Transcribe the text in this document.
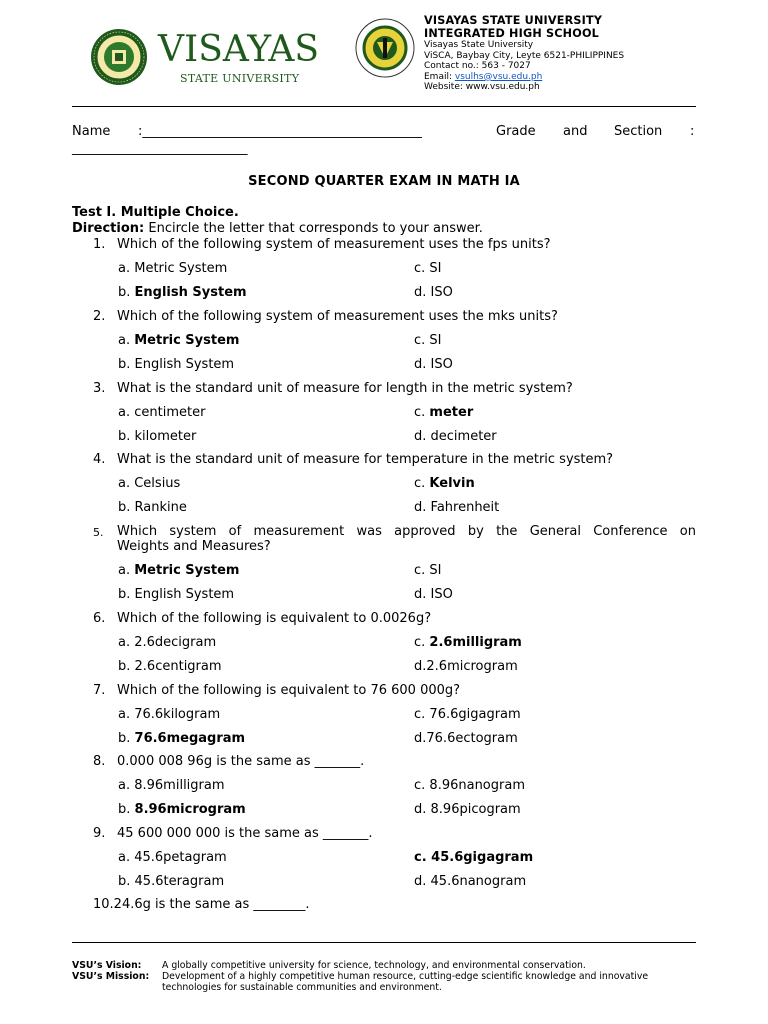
VISAYAS
STATE UNIVERSITY
VISAYAS STATE UNIVERSITY
INTEGRATED HIGH SCHOOL
Visayas State University
ViSCA, Baybay City, Leyte 6521-PHILIPPINES
Contact no.: 563 - 7027
Email: vsulhs@vsu.edu.ph
Website: www.vsu.edu.ph
Name :___________________________________________	Grade and Section :
___________________________
SECOND QUARTER EXAM IN MATH IA
Test I. Multiple Choice.
Direction: Encircle the letter that corresponds to your answer.
1. Which of the following system of measurement uses the fps units?
a. Metric System	c. SI
b. English System	d. ISO
2. Which of the following system of measurement uses the mks units?
a. Metric System	c. SI
b. English System	d. ISO
3. What is the standard unit of measure for length in the metric system?
a. centimeter	c. meter
b. kilometer	d. decimeter
4. What is the standard unit of measure for temperature in the metric system?
a. Celsius	c. Kelvin
b. Rankine	d. Fahrenheit
5. Which system of measurement was approved by the General Conference on
Weights and Measures?
a. Metric System	c. SI
b. English System	d. ISO
6. Which of the following is equivalent to 0.0026g?
a. 2.6decigram	c. 2.6milligram
b. 2.6centigram	d.2.6microgram
7. Which of the following is equivalent to 76 600 000g?
a. 76.6kilogram	c. 76.6gigagram
b. 76.6megagram	d.76.6ectogram
8. 0.000 008 96g is the same as _______.
a. 8.96milligram	c. 8.96nanogram
b. 8.96microgram	d. 8.96picogram
9. 45 600 000 000 is the same as _______.
a. 45.6petagram	c. 45.6gigagram
b. 45.6teragram	d. 45.6nanogram
10.24.6g is the same as ________.
VSU’s Vision:	A globally competitive university for science, technology, and environmental conservation.
VSU’s Mission:	Development of a highly competitive human resource, cutting-edge scientific knowledge and innovative technologies for sustainable communities and environment.
